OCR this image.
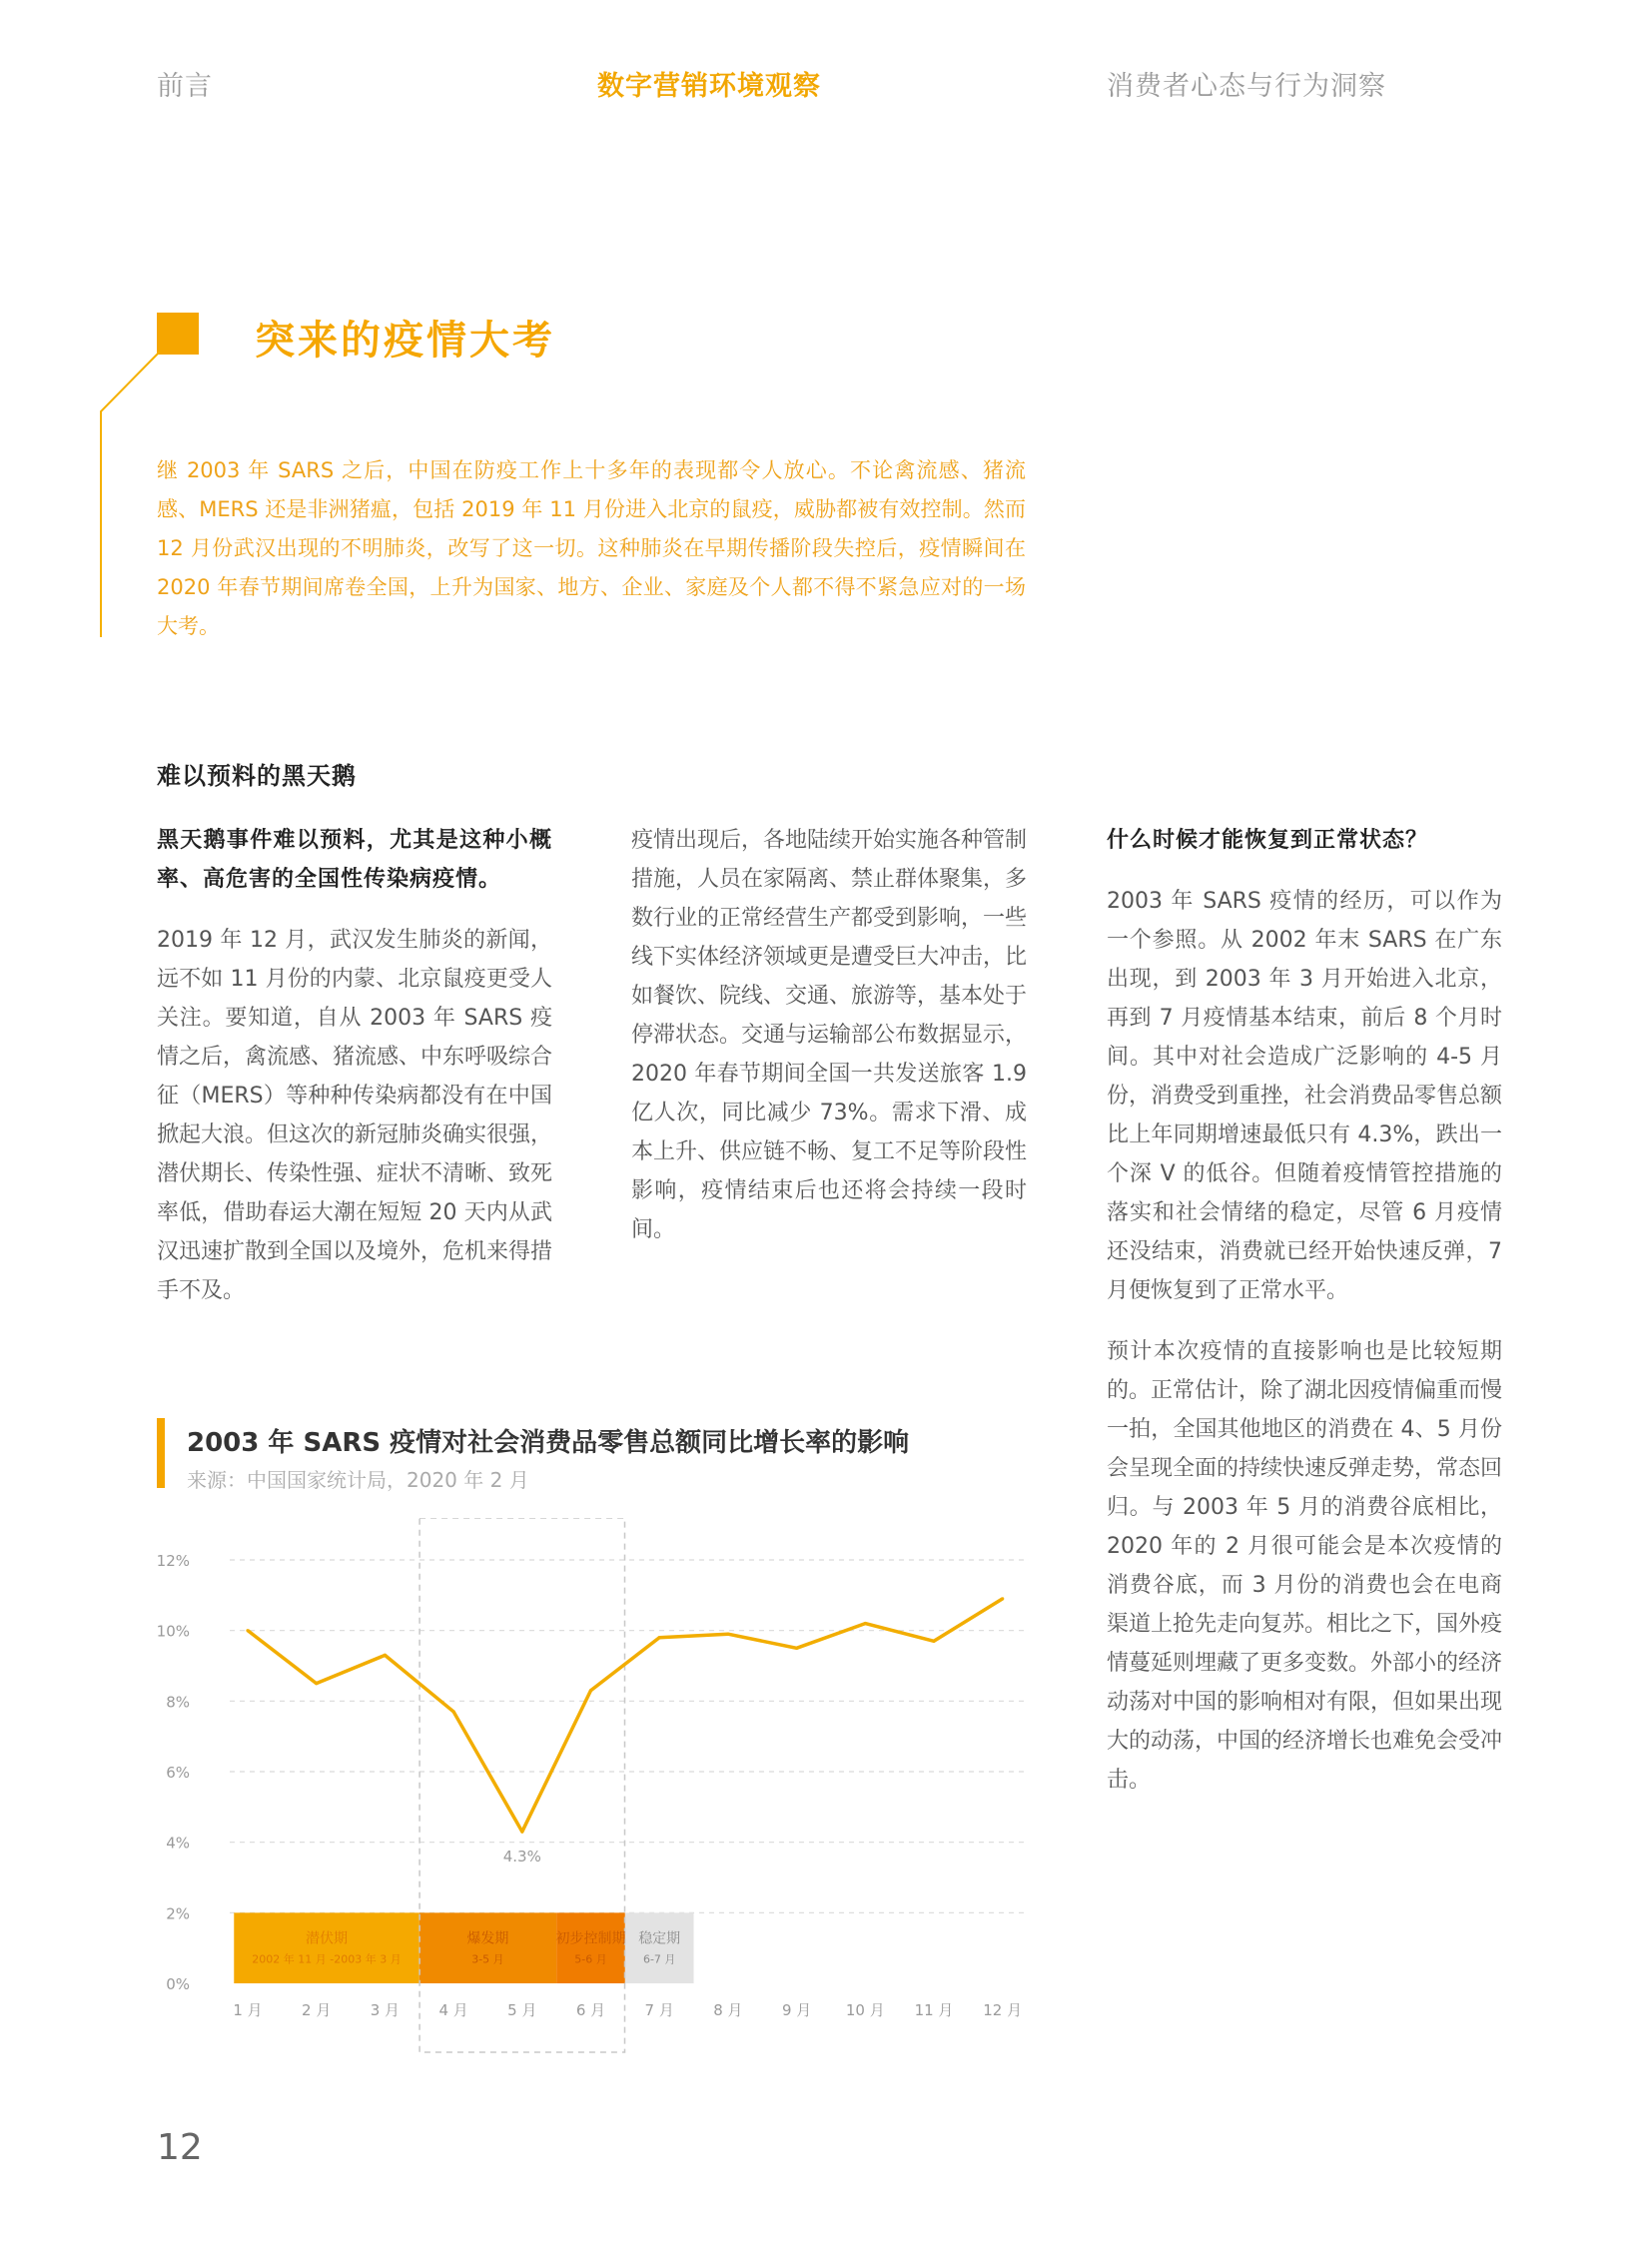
前言	数字营销环境观察	消费者心态与行为洞察
突来的疫情大考
继 2003 年 SARS 之后，中国在防疫工作上十多年的表现都令人放心。不论禽流感、猪流感、MERS 还是非洲猪瘟，包括 2019 年 11 月份进入北京的鼠疫，威胁都被有效控制。然而 12 月份武汉出现的不明肺炎，改写了这一切。这种肺炎在早期传播阶段失控后，疫情瞬间在 2020 年春节期间席卷全国，上升为国家、地方、企业、家庭及个人都不得不紧急应对的一场大考。
难以预料的黑天鹅

黑天鹅事件难以预料，尤其是这种小概率、高危害的全国性传染病疫情。

2019 年 12 月，武汉发生肺炎的新闻，远不如 11 月份的内蒙、北京鼠疫更受人关注。要知道，自从 2003 年 SARS 疫情之后，禽流感、猪流感、中东呼吸综合征（MERS）等种种传染病都没有在中国掀起大浪。但这次的新冠肺炎确实很强，潜伏期长、传染性强、症状不清晰、致死率低，借助春运大潮在短短 20 天内从武汉迅速扩散到全国以及境外，危机来得措手不及。

疫情出现后，各地陆续开始实施各种管制措施，人员在家隔离、禁止群体聚集，多数行业的正常经营生产都受到影响，一些线下实体经济领域更是遭受巨大冲击，比如餐饮、院线、交通、旅游等，基本处于停滞状态。交通与运输部公布数据显示，2020 年春节期间全国一共发送旅客 1.9 亿人次，同比减少 73%。需求下滑、成本上升、供应链不畅、复工不足等阶段性影响，疫情结束后也还将会持续一段时间。

什么时候才能恢复到正常状态？

2003 年 SARS 疫情的经历，可以作为一个参照。从 2002 年末 SARS 在广东出现，到 2003 年 3 月开始进入北京，再到 7 月疫情基本结束，前后 8 个月时间。其中对社会造成广泛影响的 4-5 月份，消费受到重挫，社会消费品零售总额比上年同期增速最低只有 4.3%，跌出一个深 V 的低谷。但随着疫情管控措施的落实和社会情绪的稳定，尽管 6 月疫情还没结束，消费就已经开始快速反弹，7 月便恢复到了正常水平。

预计本次疫情的直接影响也是比较短期的。正常估计，除了湖北因疫情偏重而慢一拍，全国其他地区的消费在 4、5 月份会呈现全面的持续快速反弹走势，常态回归。与 2003 年 5 月的消费谷底相比，2020 年的 2 月很可能会是本次疫情的消费谷底，而 3 月份的消费也会在电商渠道上抢先走向复苏。相比之下，国外疫情蔓延则埋藏了更多变数。外部小的经济动荡对中国的影响相对有限，但如果出现大的动荡，中国的经济增长也难免会受冲击。

2003 年 SARS 疫情对社会消费品零售总额同比增长率的影响
来源：中国国家统计局，2020 年 2 月
0%
2%
4%
6%
8%
10%
12%
潜伏期
2002 年 11 月 -2003 年 3 月
爆发期
3-5 月
初步控制期
5-6 月
稳定期
6-7 月
4.3%
1 月	2 月	3 月	4 月	5 月	6 月	7 月	8 月	9 月 10 月 11 月 12 月
12
